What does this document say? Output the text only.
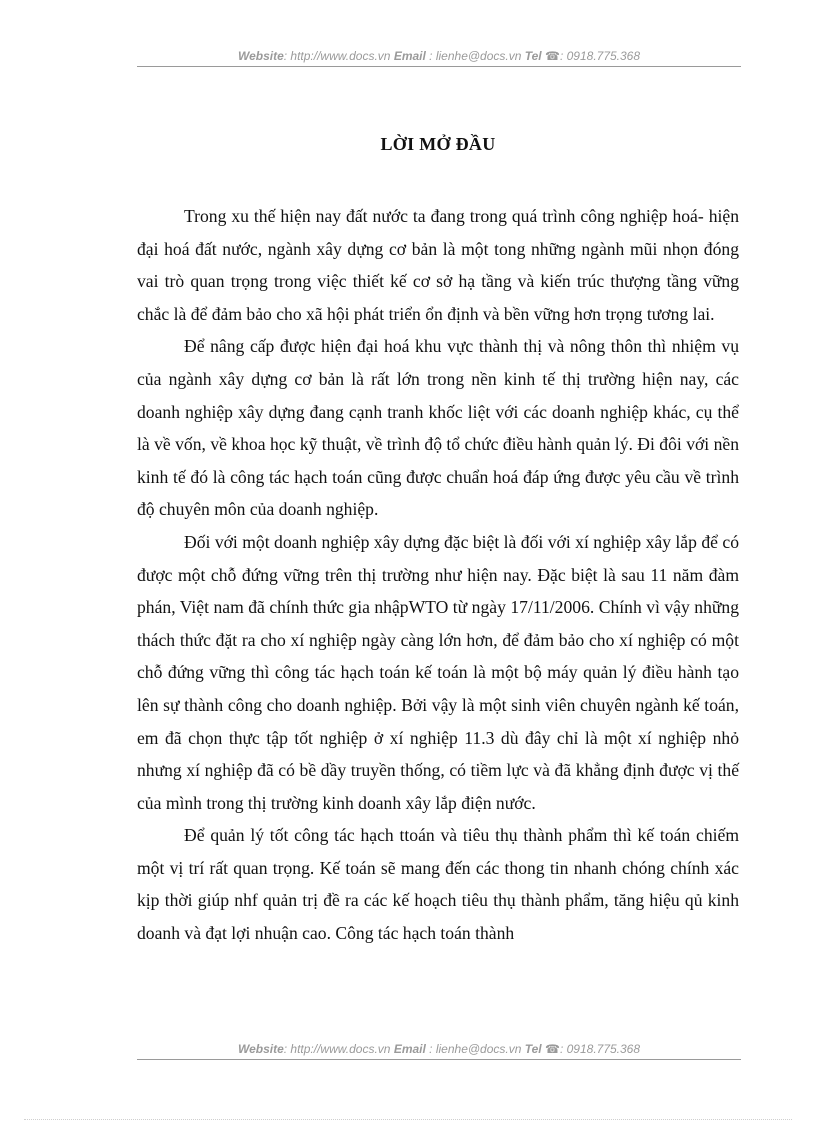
Website: http://www.docs.vn Email : lienhe@docs.vn Tel ☎: 0918.775.368
LỜI MỞ ĐẦU

Trong xu thế hiện nay đất nước ta đang trong quá trình công nghiệp hoá- hiện đại hoá đất nước, ngành xây dựng cơ bản là một tong những ngành mũi nhọn đóng vai trò quan trọng trong việc thiết kế cơ sở hạ tầng và kiến trúc thượng tầng vững chắc là để đảm bảo cho xã hội phát triển ổn định và bền vững hơn trọng tương lai.

Để nâng cấp được hiện đại hoá khu vực thành thị và nông thôn thì nhiệm vụ của ngành xây dựng cơ bản là rất lớn trong nền kinh tế thị trường hiện nay, các doanh nghiệp xây dựng đang cạnh tranh khốc liệt với các doanh nghiệp khác, cụ thể là về vốn, về khoa học kỹ thuật, về trình độ tổ chức điều hành quản lý. Đi đôi với nền kinh tế đó là công tác hạch toán cũng được chuẩn hoá đáp ứng được yêu cầu về trình độ chuyên môn của doanh nghiệp.

Đối với một doanh nghiệp xây dựng đặc biệt là đối với xí nghiệp xây lắp để có được một chỗ đứng vững trên thị trường như hiện nay. Đặc biệt là sau 11 năm đàm phán, Việt nam đã chính thức gia nhậpWTO từ ngày 17/11/2006. Chính vì vậy những thách thức đặt ra cho xí nghiệp ngày càng lớn hơn, để đảm bảo cho xí nghiệp có một chỗ đứng vững thì công tác hạch toán kế toán là một bộ máy quản lý điều hành tạo lên sự thành công cho doanh nghiệp. Bởi vậy là một sinh viên chuyên ngành kế toán, em đã chọn thực tập tốt nghiệp ở xí nghiệp 11.3 dù đây chỉ là một xí nghiệp nhỏ nhưng xí nghiệp đã có bề dầy truyền thống, có tiềm lực và đã khẳng định được vị thế của mình trong thị trường kinh doanh xây lắp điện nước.

Để quản lý tốt công tác hạch ttoán và tiêu thụ thành phẩm thì kế toán chiếm một vị trí rất quan trọng. Kế toán sẽ mang đến các thong tin nhanh chóng chính xác kịp thời giúp nhf quản trị đề ra các kế hoạch tiêu thụ thành phẩm, tăng hiệu qủ kinh doanh và đạt lợi nhuận cao. Công tác hạch toán thành

Website: http://www.docs.vn Email : lienhe@docs.vn Tel ☎: 0918.775.368
